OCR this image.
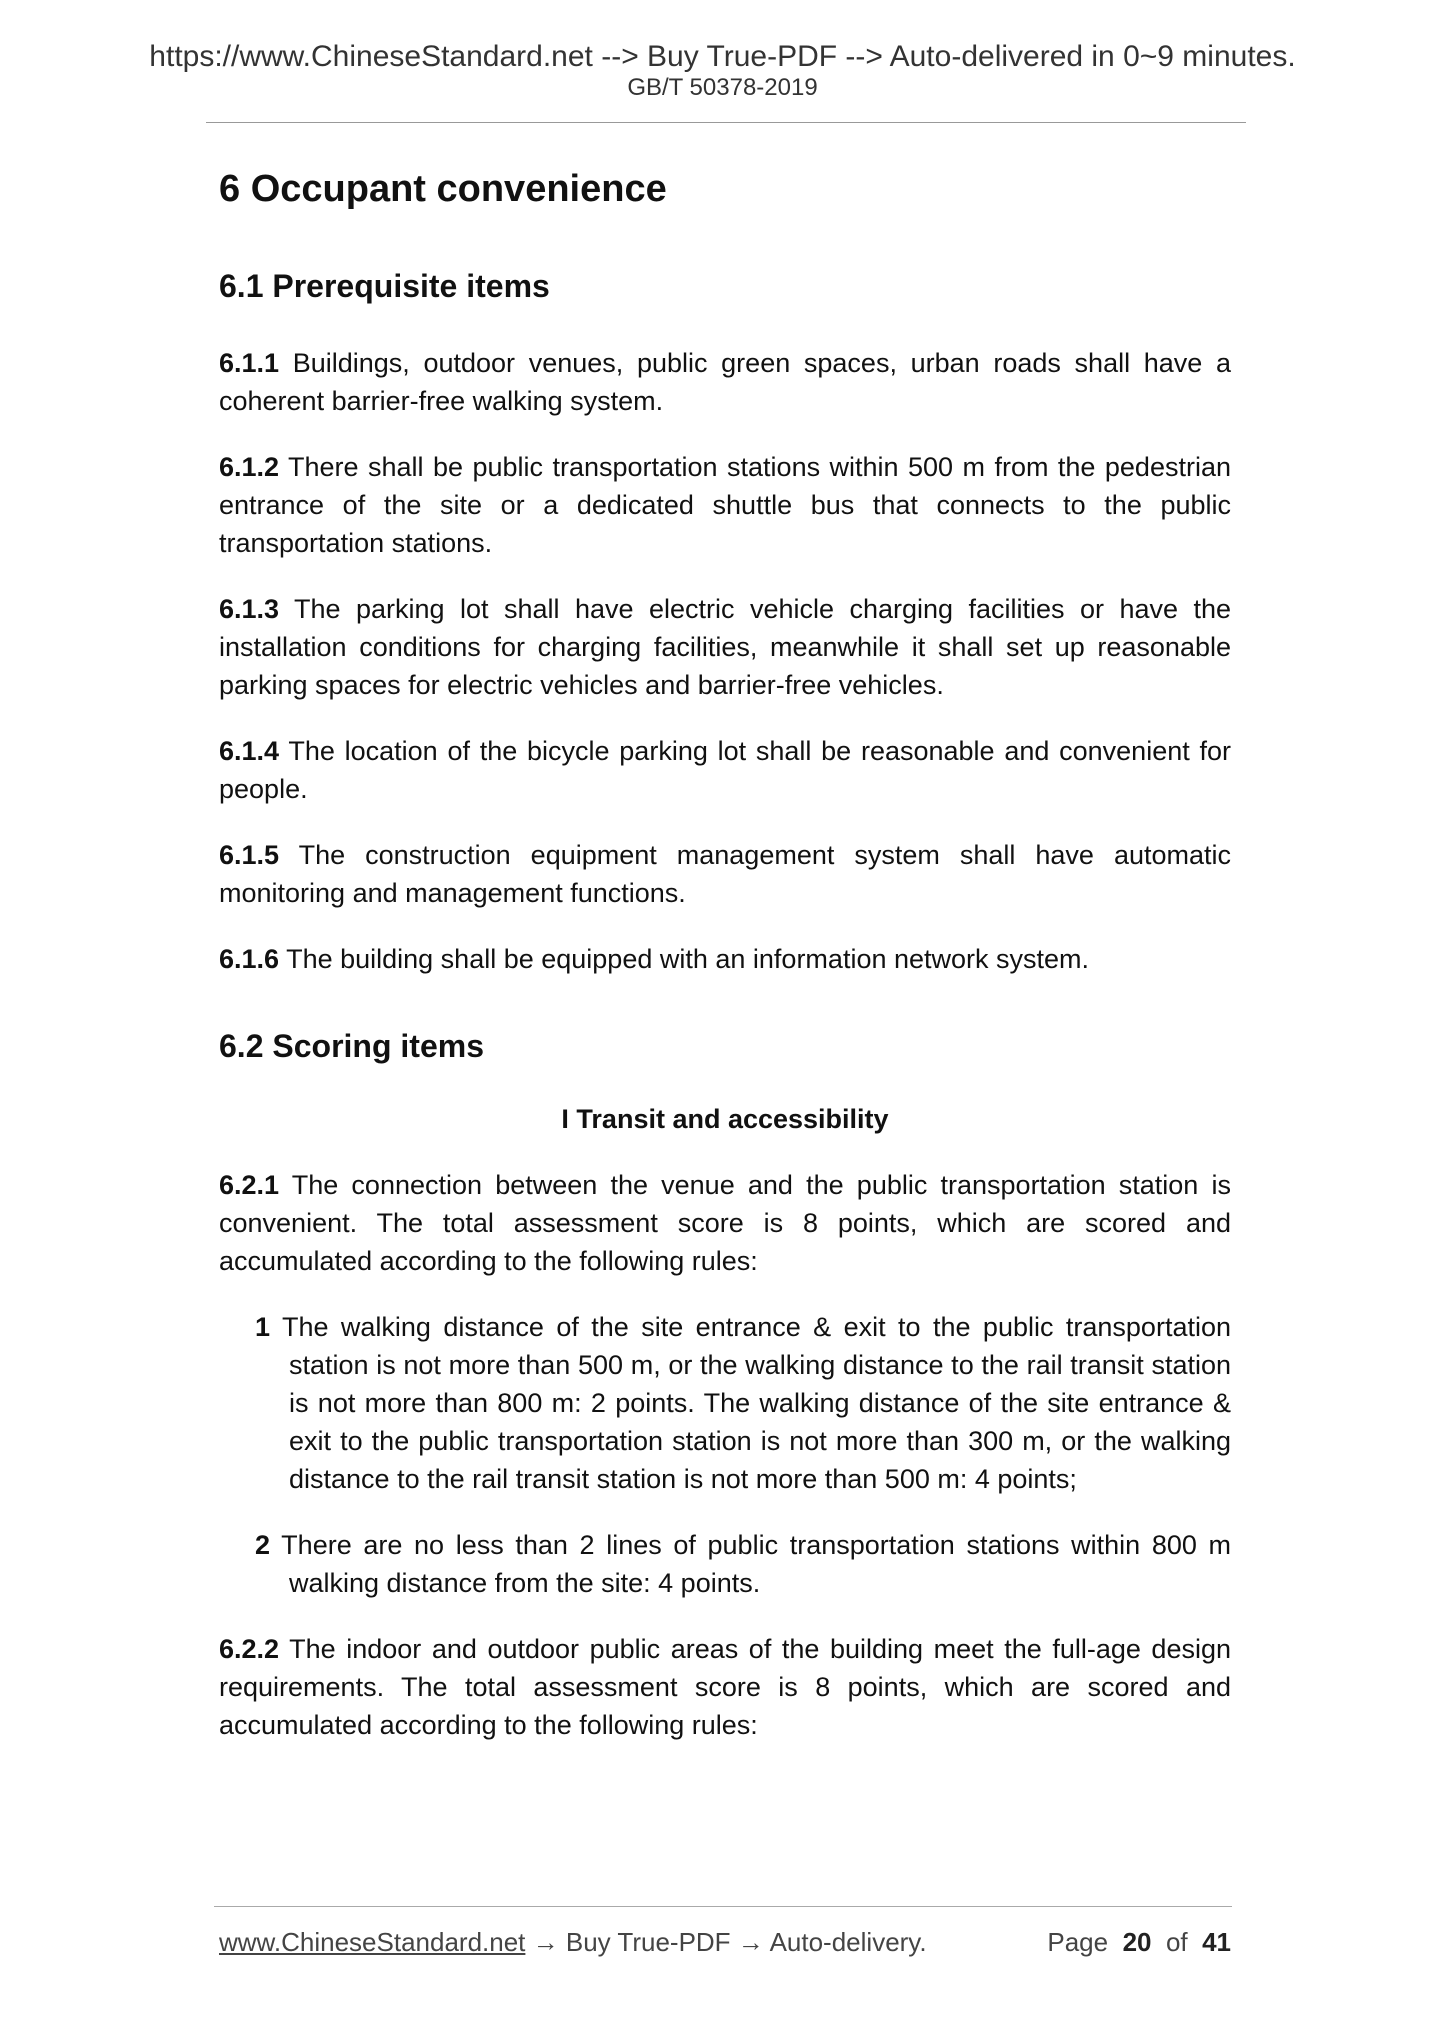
https://www.ChineseStandard.net --> Buy True-PDF --> Auto-delivered in 0~9 minutes.
GB/T 50378-2019
6 Occupant convenience
6.1 Prerequisite items

6.1.1 Buildings, outdoor venues, public green spaces, urban roads shall have a coherent barrier-free walking system.

6.1.2 There shall be public transportation stations within 500 m from the pedestrian entrance of the site or a dedicated shuttle bus that connects to the public transportation stations.

6.1.3 The parking lot shall have electric vehicle charging facilities or have the installation conditions for charging facilities, meanwhile it shall set up reasonable parking spaces for electric vehicles and barrier-free vehicles.

6.1.4 The location of the bicycle parking lot shall be reasonable and convenient for people.

6.1.5 The construction equipment management system shall have automatic monitoring and management functions.

6.1.6 The building shall be equipped with an information network system.

6.2 Scoring items
I Transit and accessibility

6.2.1 The connection between the venue and the public transportation station is convenient. The total assessment score is 8 points, which are scored and accumulated according to the following rules:

1 The walking distance of the site entrance & exit to the public transportation station is not more than 500 m, or the walking distance to the rail transit station is not more than 800 m: 2 points. The walking distance of the site entrance & exit to the public transportation station is not more than 300 m, or the walking distance to the rail transit station is not more than 500 m: 4 points;

2 There are no less than 2 lines of public transportation stations within 800 m walking distance from the site: 4 points.

6.2.2 The indoor and outdoor public areas of the building meet the full-age design requirements. The total assessment score is 8 points, which are scored and accumulated according to the following rules:

www.ChineseStandard.net → Buy True-PDF → Auto-delivery.	Page 20 of 41
